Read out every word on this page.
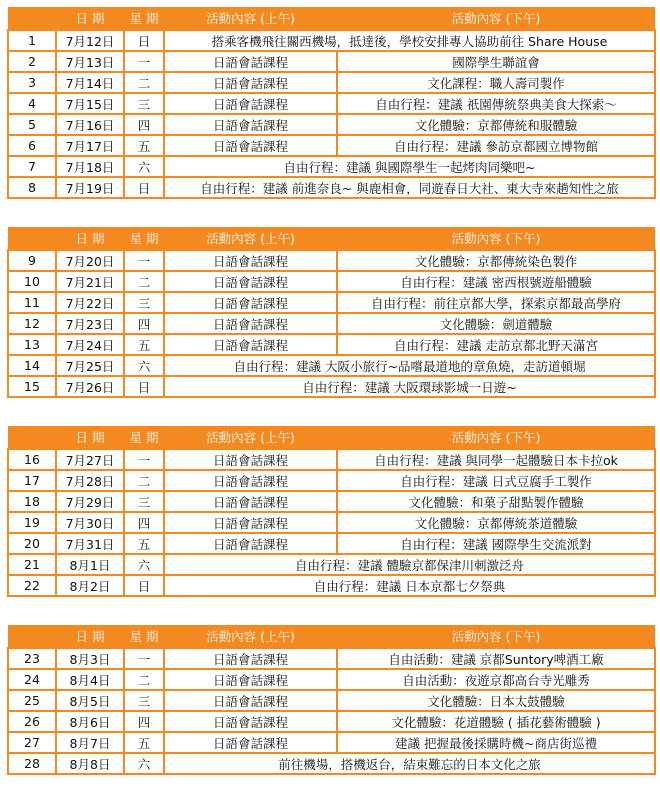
	日 期	星 期	活動內容 (上午)	活動內容 (下午)
1	7月12日	日	搭乘客機飛往關西機場，抵達後，學校安排專人協助前往 Share House	
2	7月13日	一	日語會話課程	國際學生聯誼會
3	7月14日	二	日語會話課程	文化課程：職人壽司製作
4	7月15日	三	日語會話課程	自由行程：建議 祇園傳統祭典美食大探索～
5	7月16日	四	日語會話課程	文化體驗：京都傳統和服體驗
6	7月17日	五	日語會話課程	自由行程：建議 參訪京都國立博物館
7	7月18日	六	自由行程：建議 與國際學生一起烤肉同樂吧~	
8	7月19日	日	自由行程：建議 前進奈良~ 與鹿相會，同遊春日大社、東大寺來趟知性之旅	
	日 期	星 期	活動內容 (上午)	活動內容 (下午)
9	7月20日	一	日語會話課程	文化體驗：京都傳統染色製作
10	7月21日	二	日語會話課程	自由行程：建議 密西根號遊船體驗
11	7月22日	三	日語會話課程	自由行程：前往京都大學，探索京都最高學府
12	7月23日	四	日語會話課程	文化體驗：劍道體驗
13	7月24日	五	日語會話課程	自由行程：建議 走訪京都北野天滿宮
14	7月25日	六	自由行程：建議 大阪小旅行~品嚐最道地的章魚燒，走訪道頓堀	
15	7月26日	日	自由行程：建議 大阪環球影城一日遊~	
	日 期	星 期	活動內容 (上午)	活動內容 (下午)
16	7月27日	一	日語會話課程	自由行程：建議 與同學一起體驗日本卡拉ok
17	7月28日	二	日語會話課程	自由行程：建議 日式豆腐手工製作
18	7月29日	三	日語會話課程	文化體驗：和菓子甜點製作體驗
19	7月30日	四	日語會話課程	文化體驗：京都傳統茶道體驗
20	7月31日	五	日語會話課程	自由行程：建議 國際學生交流派對
21	8月1日	六	自由行程：建議 體驗京都保津川刺激泛舟	
22	8月2日	日	自由行程：建議 日本京都七夕祭典	
	日 期	星 期	活動內容 (上午)	活動內容 (下午)
23	8月3日	一	日語會話課程	自由活動：建議 京都Suntory啤酒工廠
24	8月4日	二	日語會話課程	自由活動：夜遊京都高台寺光雕秀
25	8月5日	三	日語會話課程	文化體驗：日本太鼓體驗
26	8月6日	四	日語會話課程	文化體驗：花道體驗 ( 插花藝術體驗 )
27	8月7日	五	日語會話課程	建議 把握最後採購時機~商店街巡禮
28	8月8日	六	前往機場，搭機返台，結束難忘的日本文化之旅	
